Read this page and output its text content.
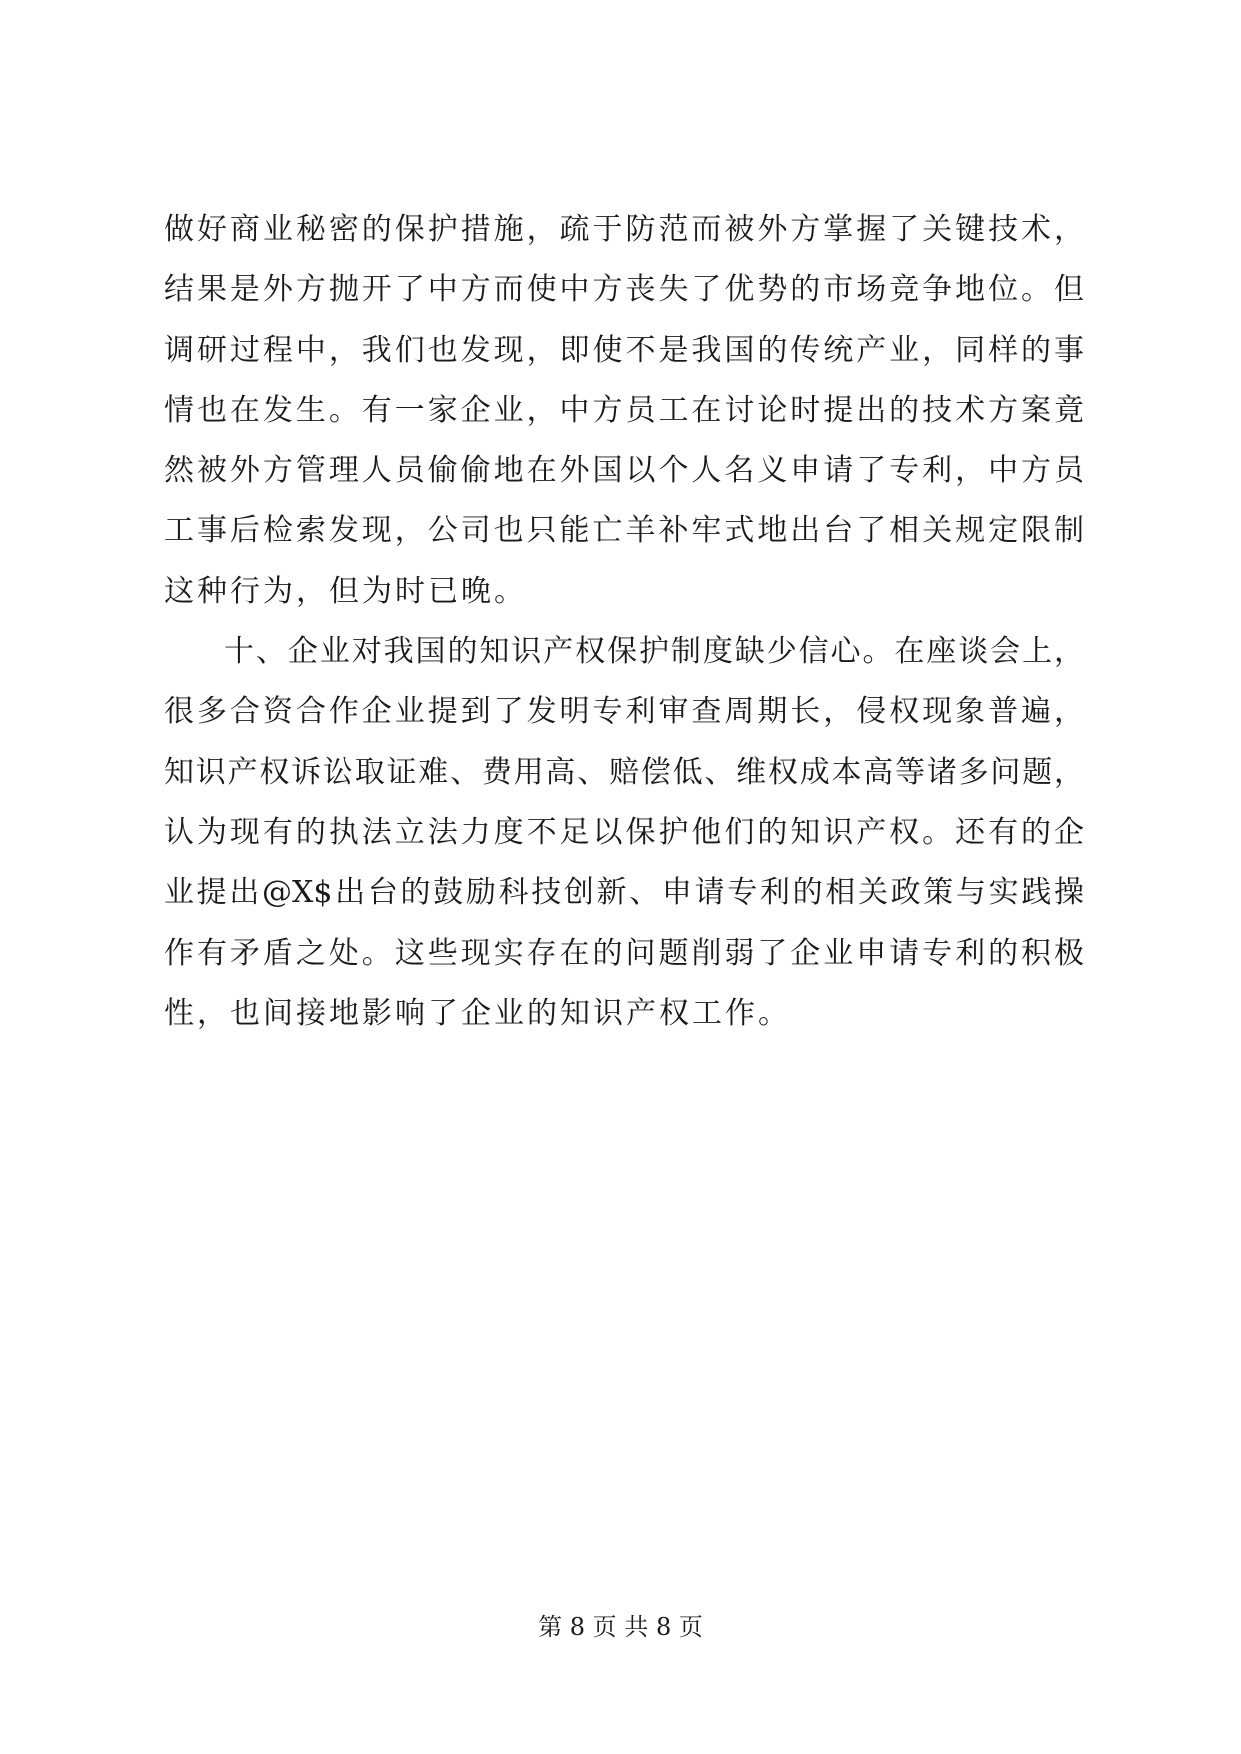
做好商业秘密的保护措施，疏于防范而被外方掌握了关键技术，
结果是外方抛开了中方而使中方丧失了优势的市场竞争地位。但
调研过程中，我们也发现，即使不是我国的传统产业，同样的事
情也在发生。有一家企业，中方员工在讨论时提出的技术方案竟
然被外方管理人员偷偷地在外国以个人名义申请了专利，中方员
工事后检索发现，公司也只能亡羊补牢式地出台了相关规定限制
这种行为，但为时已晚。
十、企业对我国的知识产权保护制度缺少信心。在座谈会上，
很多合资合作企业提到了发明专利审查周期长，侵权现象普遍，
知识产权诉讼取证难、费用高、赔偿低、维权成本高等诸多问题，
认为现有的执法立法力度不足以保护他们的知识产权。还有的企
业提出@X$出台的鼓励科技创新、申请专利的相关政策与实践操
作有矛盾之处。这些现实存在的问题削弱了企业申请专利的积极
性，也间接地影响了企业的知识产权工作。
第 8 页 共 8 页
